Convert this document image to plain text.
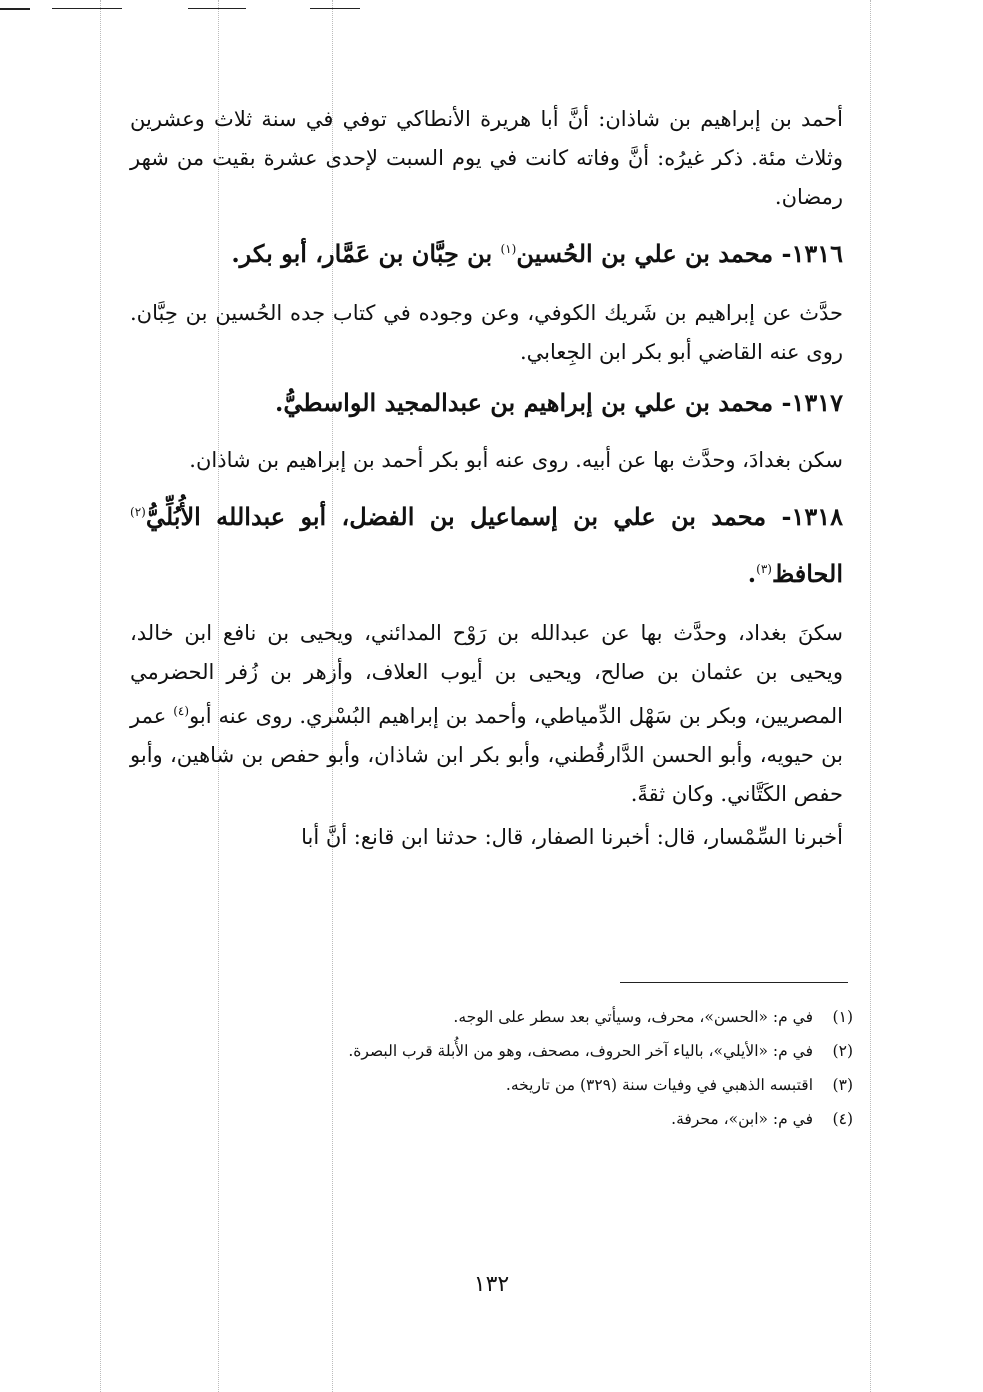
أحمد بن إبراهيم بن شاذان: أنَّ أبا هريرة الأنطاكي توفي في سنة ثلاث وعشرين وثلاث مئة. ذكر غيرُه: أنَّ وفاته كانت في يوم السبت لإحدى عشرة بقيت من شهر رمضان.

١٣١٦- محمد بن علي بن الحُسين$^{(١)}$ بن حِبَّان بن عَمَّار، أبو بكر.

حدَّث عن إبراهيم بن شَريك الكوفي، وعن وجوده في كتاب جده الحُسين بن حِبَّان. روى عنه القاضي أبو بكر ابن الجِعابي.

١٣١٧- محمد بن علي بن إبراهيم بن عبدالمجيد الواسطيُّ.

سكن بغدادَ، وحدَّث بها عن أبيه. روى عنه أبو بكر أحمد بن إبراهيم بن شاذان.

١٣١٨- محمد بن علي بن إسماعيل بن الفضل، أبو عبدالله الأُبُلِّيُّ$^{(٢)}$ الحافظ$^{(٣)}$.

سكنَ بغداد، وحدَّث بها عن عبدالله بن رَوْح المدائني، ويحيى بن نافع ابن خالد، ويحيى بن عثمان بن صالح، ويحيى بن أيوب العلاف، وأزهر بن زُفر الحضرمي المصريين، وبكر بن سَهْل الدِّمياطي، وأحمد بن إبراهيم البُسْري. روى عنه أبو$^{(٤)}$ عمر بن حيويه، وأبو الحسن الدَّارقُطني، وأبو بكر ابن شاذان، وأبو حفص بن شاهين، وأبو حفص الكَتَّاني. وكان ثقةً.

أخبرنا السِّمْسار، قال: أخبرنا الصفار، قال: حدثنا ابن قانع: أنَّ أبا

(١)
في م: «الحسن»، محرف، وسيأتي بعد سطر على الوجه.
(٢)
في م: «الأيلي»، بالياء آخر الحروف، مصحف، وهو من الأُبلة قرب البصرة.
(٣)
اقتبسه الذهبي في وفيات سنة (٣٢٩) من تاريخه.
(٤)
في م: «ابن»، محرفة.
١٣٢
